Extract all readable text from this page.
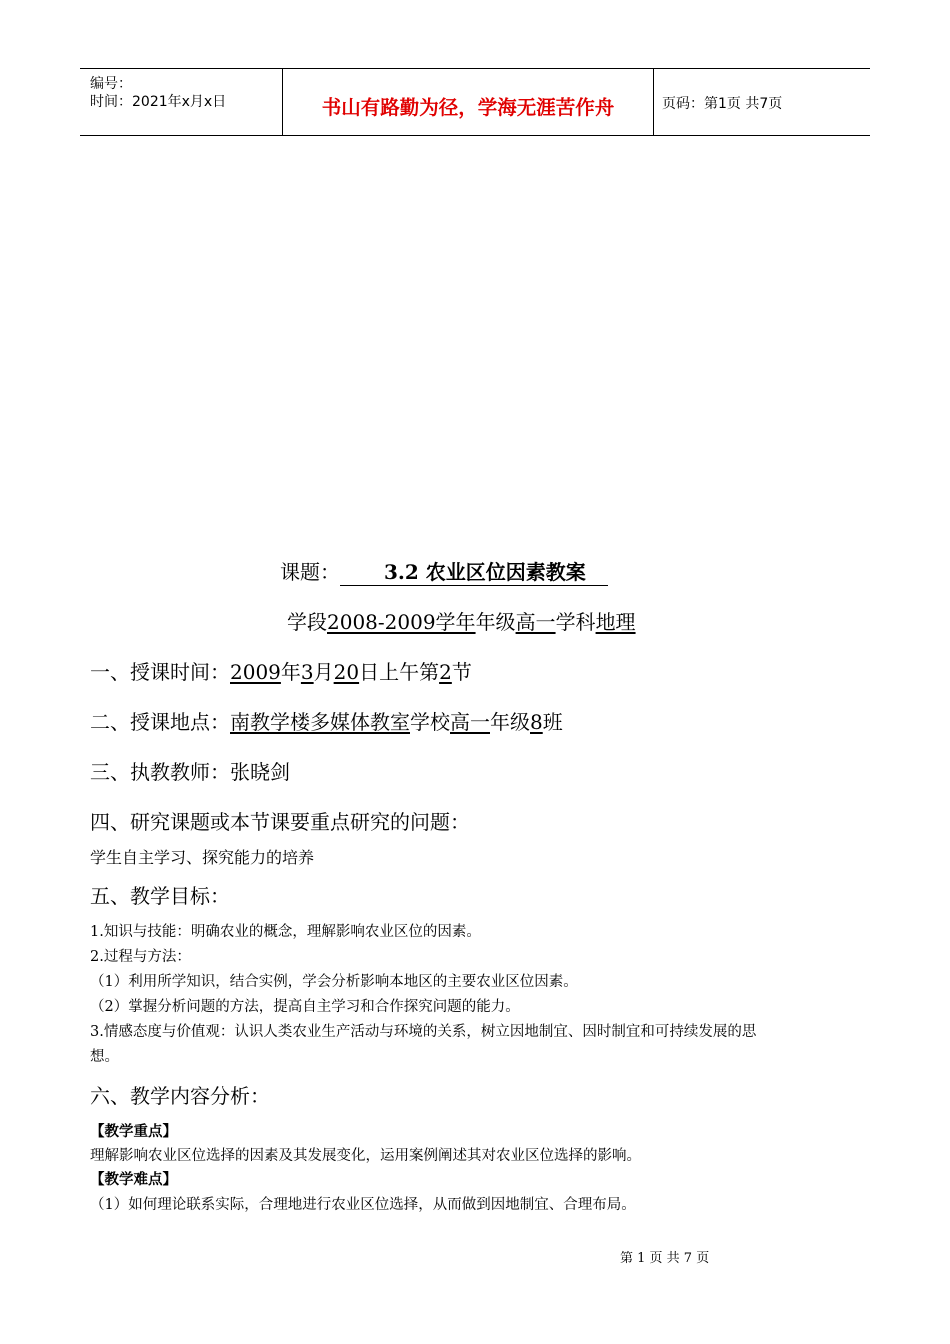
编号：
时间：2021年x月x日	书山有路勤为径，学海无涯苦作舟	页码：第1页 共7页
课题： 3.2 农业区位因素教案
学段2008-2009学年年级高一学科地理
一、授课时间：2009年3月20日上午第2节
二、授课地点：南教学楼多媒体教室学校高一年级8班
三、执教教师：张晓剑
四、研究课题或本节课要重点研究的问题：
学生自主学习、探究能力的培养
五、教学目标：
1.知识与技能：明确农业的概念，理解影响农业区位的因素。
2.过程与方法：
（1）利用所学知识，结合实例，学会分析影响本地区的主要农业区位因素。
（2）掌握分析问题的方法，提高自主学习和合作探究问题的能力。
3.情感态度与价值观：认识人类农业生产活动与环境的关系，树立因地制宜、因时制宜和可持续发展的思
想。
六、教学内容分析：
【教学重点】
理解影响农业区位选择的因素及其发展变化，运用案例阐述其对农业区位选择的影响。
【教学难点】
（1）如何理论联系实际，合理地进行农业区位选择，从而做到因地制宜、合理布局。
第 1 页 共 7 页
